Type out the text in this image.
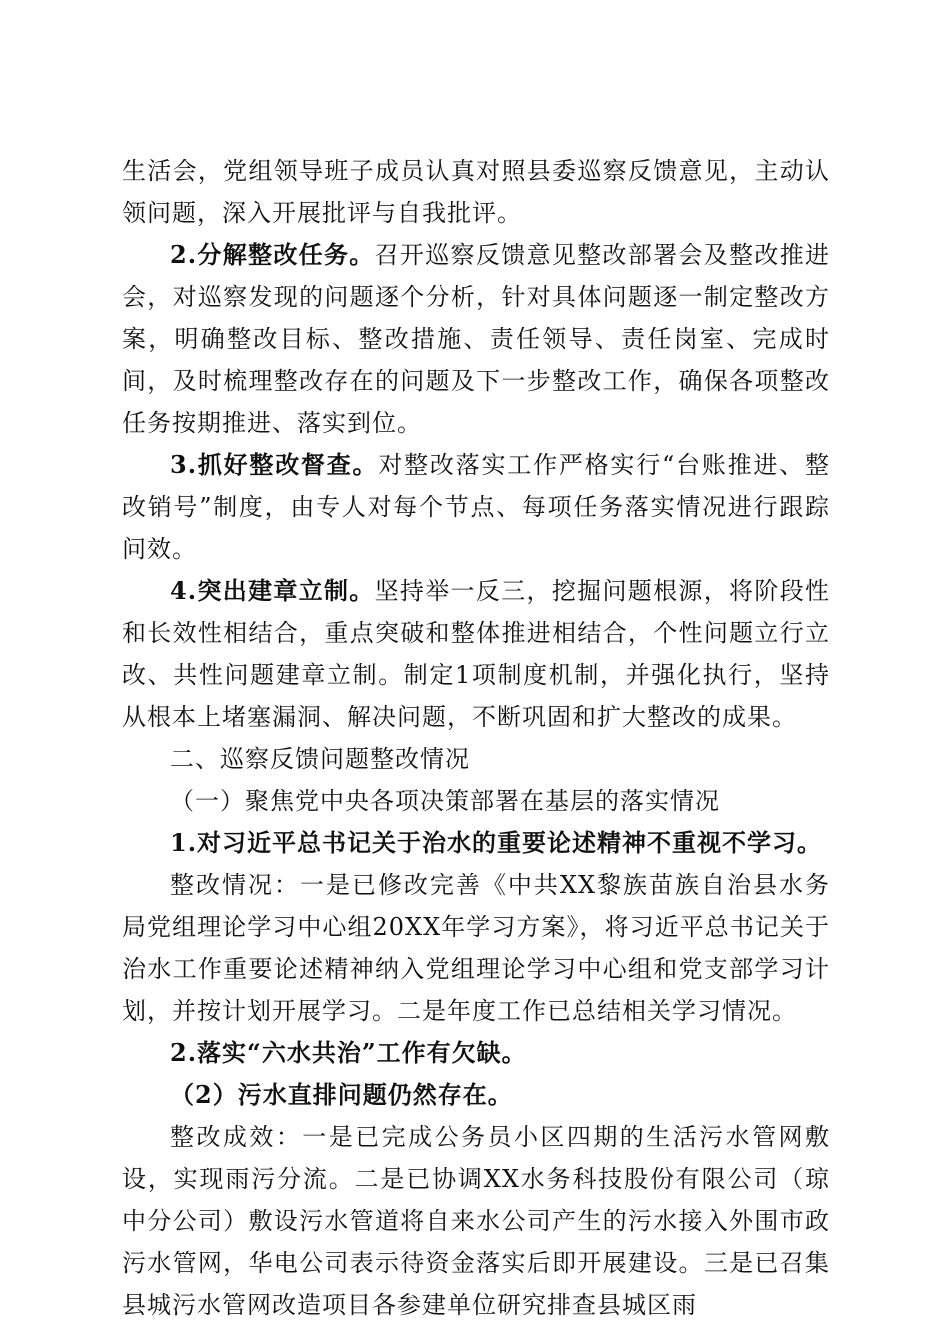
生活会，党组领导班子成员认真对照县委巡察反馈意见，主动认领问题，深入开展批评与自我批评。

2.分解整改任务。召开巡察反馈意见整改部署会及整改推进会，对巡察发现的问题逐个分析，针对具体问题逐一制定整改方案，明确整改目标、整改措施、责任领导、责任岗室、完成时间，及时梳理整改存在的问题及下一步整改工作，确保各项整改任务按期推进、落实到位。

3.抓好整改督查。对整改落实工作严格实行“台账推进、整改销号”制度，由专人对每个节点、每项任务落实情况进行跟踪问效。

4.突出建章立制。坚持举一反三，挖掘问题根源，将阶段性和长效性相结合，重点突破和整体推进相结合，个性问题立行立改、共性问题建章立制。制定1项制度机制，并强化执行，坚持从根本上堵塞漏洞、解决问题，不断巩固和扩大整改的成果。

二、巡察反馈问题整改情况

（一）聚焦党中央各项决策部署在基层的落实情况

1.对习近平总书记关于治水的重要论述精神不重视不学习。

整改情况：一是已修改完善《中共XX黎族苗族自治县水务局党组理论学习中心组20XX年学习方案》，将习近平总书记关于治水工作重要论述精神纳入党组理论学习中心组和党支部学习计划，并按计划开展学习。二是年度工作已总结相关学习情况。

2.落实“六水共治”工作有欠缺。

（2）污水直排问题仍然存在。

整改成效：一是已完成公务员小区四期的生活污水管网敷设，实现雨污分流。二是已协调XX水务科技股份有限公司（琼中分公司）敷设污水管道将自来水公司产生的污水接入外围市政污水管网，华电公司表示待资金落实后即开展建设。三是已召集县城污水管网改造项目各参建单位研究排查县城区雨
